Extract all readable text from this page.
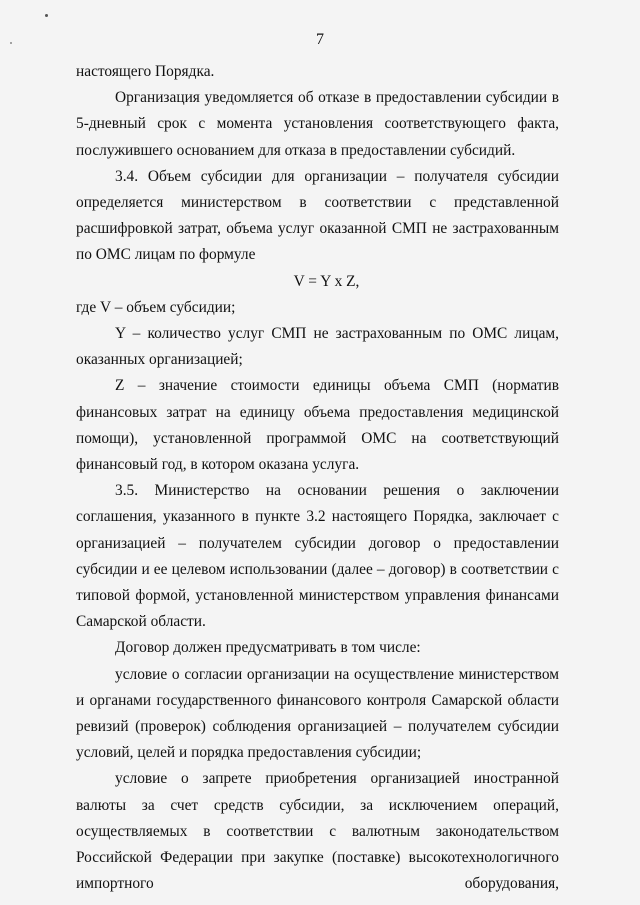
7

настоящего Порядка.

Организация уведомляется об отказе в предоставлении субсидии в 5-дневный срок с момента установления соответствующего факта, послужившего основанием для отказа в предоставлении субсидий.

3.4. Объем субсидии для организации – получателя субсидии определяется министерством в соответствии с представленной расшифровкой затрат, объема услуг оказанной СМП не застрахованным по ОМС лицам по формуле

V = Y x Z,

где V – объем субсидии;

Y – количество услуг СМП не застрахованным по ОМС лицам, оказанных организацией;

Z – значение стоимости единицы объема СМП (норматив финансовых затрат на единицу объема предоставления медицинской помощи), установленной программой ОМС на соответствующий финансовый год, в котором оказана услуга.

3.5. Министерство на основании решения о заключении соглашения, указанного в пункте 3.2 настоящего Порядка, заключает с организацией – получателем субсидии договор о предоставлении субсидии и ее целевом использовании (далее – договор) в соответствии с типовой формой, установленной министерством управления финансами Самарской области.

Договор должен предусматривать в том числе:

условие о согласии организации на осуществление министерством и органами государственного финансового контроля Самарской области ревизий (проверок) соблюдения организацией – получателем субсидии условий, целей и порядка предоставления субсидии;

условие о запрете приобретения организацией иностранной валюты за счет средств субсидии, за исключением операций, осуществляемых в соответствии с валютным законодательством Российской Федерации при закупке (поставке) высокотехнологичного импортного оборудования,
